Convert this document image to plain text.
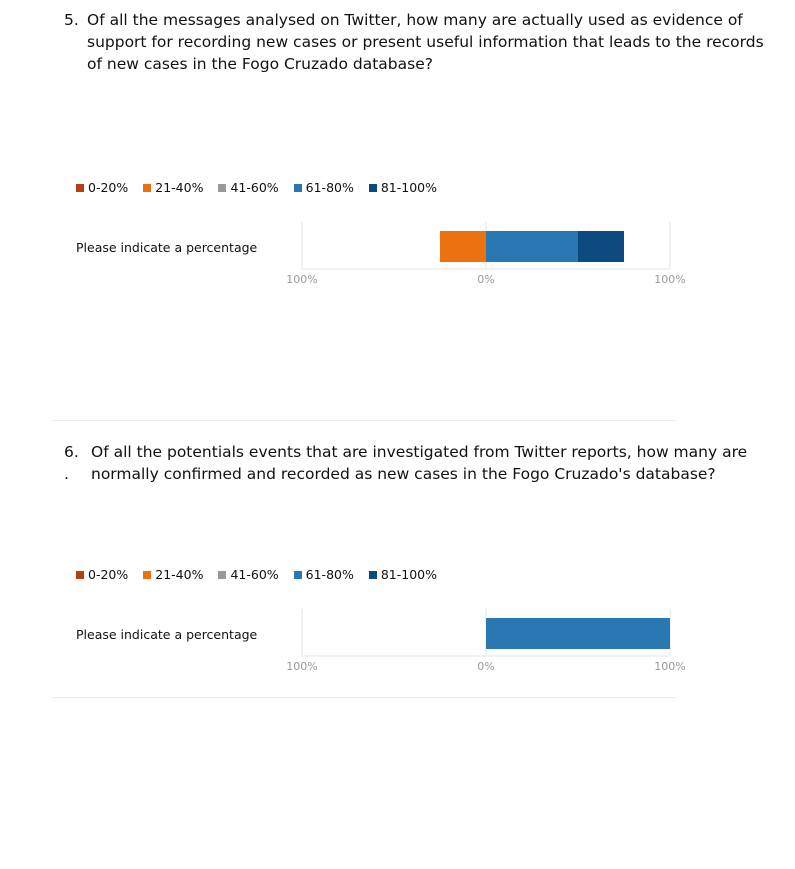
5. Of all the messages analysed on Twitter, how many are actually used as evidence of support for recording new cases or present useful information that leads to the records of new cases in the Fogo Cruzado database?
0-20% 21-40% 41-60% 61-80% 81-100%
Please indicate a percentage
100%	0%	100%
6.
.
Of all the potentials events that are investigated from Twitter reports, how many are normally confirmed and recorded as new cases in the Fogo Cruzado's database?
0-20% 21-40% 41-60% 61-80% 81-100%
Please indicate a percentage
100%	0%	100%
